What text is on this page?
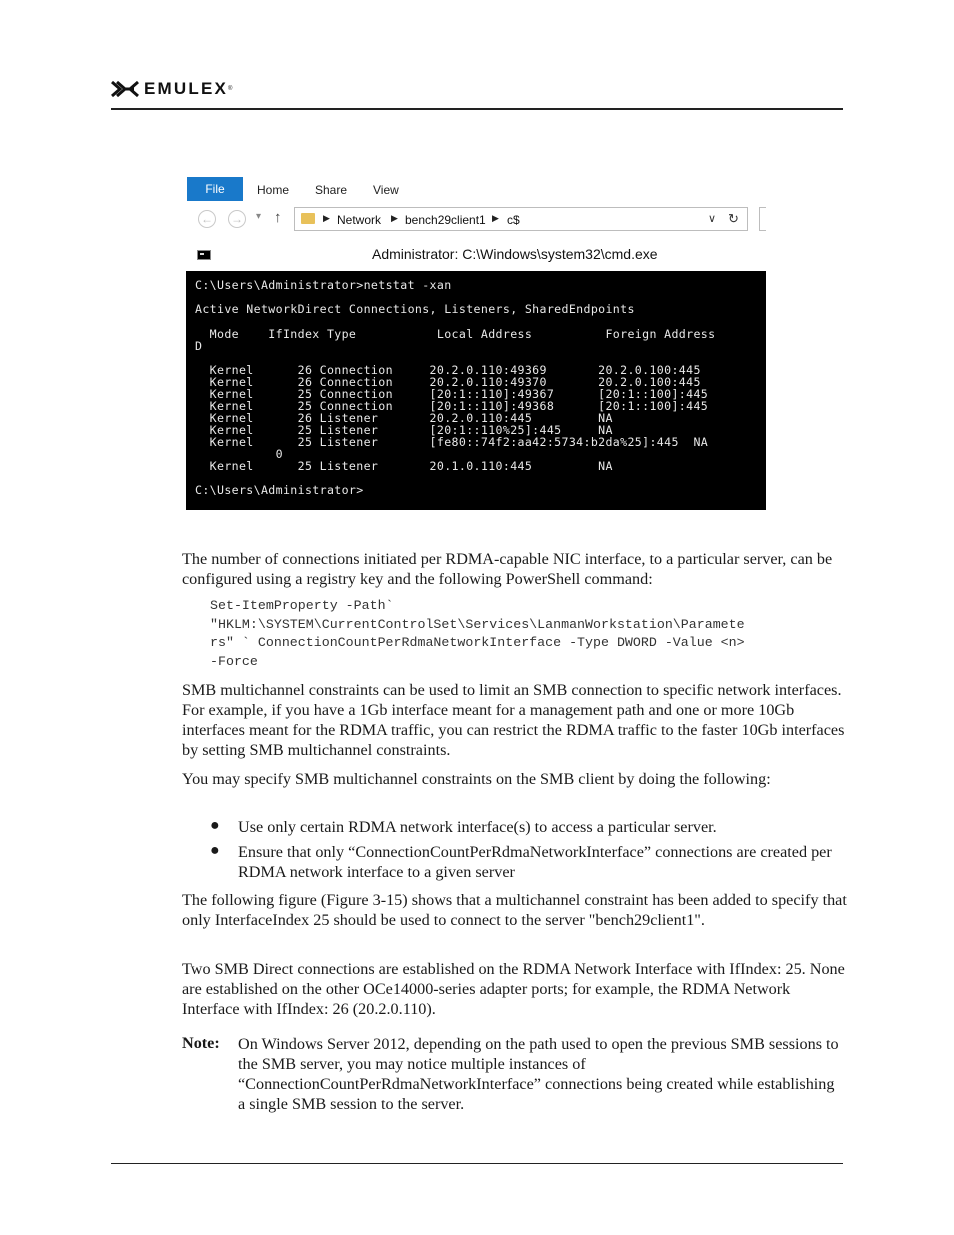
EMULEX ®
File	Home Share View
← →	▾ ↑	▶ Network ▶ bench29client1 ▶ c$	∨ ↻
Administrator: C:\Windows\system32\cmd.exe
C:\Users\Administrator>netstat -xan
Active NetworkDirect Connections, Listeners, SharedEndpoints
Mode    IfIndex Type           Local Address          Foreign Address
D
Kernel      26 Connection     20.2.0.110:49369       20.2.0.100:445
Kernel      26 Connection     20.2.0.110:49370       20.2.0.100:445
Kernel      25 Connection     [20:1::110]:49367      [20:1::100]:445
Kernel      25 Connection     [20:1::110]:49368      [20:1::100]:445
Kernel      26 Listener       20.2.0.110:445         NA
Kernel      25 Listener       [20:1::110%25]:445     NA
Kernel      25 Listener       [fe80::74f2:aa42:5734:b2da%25]:445  NA
0
Kernel      25 Listener       20.1.0.110:445         NA
C:\Users\Administrator>
The number of connections initiated per RDMA-capable NIC interface, to a particular server, can be configured using a registry key and the following PowerShell command:
Set-ItemProperty -Path`
"HKLM:\SYSTEM\CurrentControlSet\Services\LanmanWorkstation\Paramete
rs" ` ConnectionCountPerRdmaNetworkInterface -Type DWORD -Value <n>
-Force
SMB multichannel constraints can be used to limit an SMB connection to specific network interfaces. For example, if you have a 1Gb interface meant for a management path and one or more 10Gb interfaces meant for the RDMA traffic, you can restrict the RDMA traffic to the faster 10Gb interfaces by setting SMB multichannel constraints.
You may specify SMB multichannel constraints on the SMB client by doing the following:
● Use only certain RDMA network interface(s) to access a particular server.
● Ensure that only “ConnectionCountPerRdmaNetworkInterface” connections are created per RDMA network interface to a given server
The following figure (Figure 3-15) shows that a multichannel constraint has been added to specify that only InterfaceIndex 25 should be used to connect to the server "bench29client1".
Two SMB Direct connections are established on the RDMA Network Interface with IfIndex: 25. None are established on the other OCe14000-series adapter ports; for example, the RDMA Network Interface with IfIndex: 26 (20.2.0.110).
Note: On Windows Server 2012, depending on the path used to open the previous SMB sessions to the SMB server, you may notice multiple instances of “ConnectionCountPerRdmaNetworkInterface” connections being created while establishing a single SMB session to the server.
